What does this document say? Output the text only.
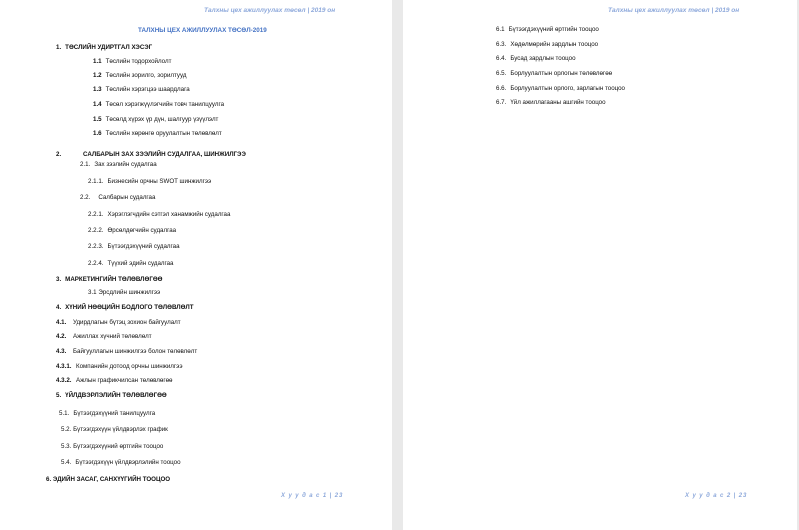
Талхны цех ажиллуулах төсөл | 2019 он
ТАЛХНЫ ЦЕХ АЖИЛЛУУЛАХ ТӨСӨЛ-2019
1. ТӨСЛИЙН УДИРТГАЛ ХЭСЭГ
1.1 Төслийн тодорхойлолт
1.2 Төслийн зорилго, зорилтууд
1.3 Төслийн хэрэгцээ шаардлага
1.4 Төсөл хэрэгжүүлэгчийн товч танилцуулга
1.5 Төсөлд хүрэх үр дүн, шалгуур үзүүлэлт
1.6 Төслийн хөрөнгө оруулалтын төлөвлөлт
2.	САЛБАРЫН ЗАХ ЗЭЭЛИЙН СУДАЛГАА, ШИНЖИЛГЭЭ
2.1. Зах зээлийн судалгаа
2.1.1. Бизнесийн орчны SWOT шинжилгээ
2.2. Салбарын судалгаа
2.2.1. Хэрэглэгчдийн сэтгэл ханамжийн судалгаа
2.2.2. Өрсөлдөгчийн судалгаа
2.2.3. Бүтээгдэхүүний судалгаа
2.2.4. Түүхий эдийн судалгаа
3. МАРКЕТИНГИЙН ТӨЛӨВЛӨГӨӨ
3.1 Эрсдлийн шинжилгээ
4. ХҮНИЙ НӨӨЦИЙН БОДЛОГО ТӨЛӨВЛӨЛТ
4.1. Удирдлагын бүтэц зохион байгуулалт
4.2. Ажиллах хүчний төлөвлөлт
4.3. Байгууллагын шинжилгээ болон төлөвлөлт
4.3.1. Компанийн дотоод орчны шинжилгээ
4.3.2. Ажлын графикчилсан төлөвлөгөө
5. ҮЙЛДВЭРЛЭЛИЙН ТӨЛӨВЛӨГӨӨ
5.1. Бүтээгдэхүүний танилцуулга
5.2. Бүтээгдэхүүн үйлдвэрлэх график
5.3. Бүтээгдэхүүний өртгийн тооцоо
5.4. Бүтээгдэхүүн үйлдвэрлэлийн тооцоо
6. ЭДИЙН ЗАСАГ, САНХҮҮГИЙН ТООЦОО
Х у у д а с 1 | 23
Талхны цех ажиллуулах төсөл | 2019 он
6.1 Бүтээгдэхүүний өртгийн тооцоо
6.3. Хөдөлмөрийн зардлын тооцоо
6.4. Бусад зардлын тооцоо
6.5. Борлуулалтын орлогын төлөвлөгөө
6.6. Борлуулалтын орлого, зарлагын тооцоо
6.7. Үйл ажиллагааны ашгийн тооцоо
Х у у д а с 2 | 23
